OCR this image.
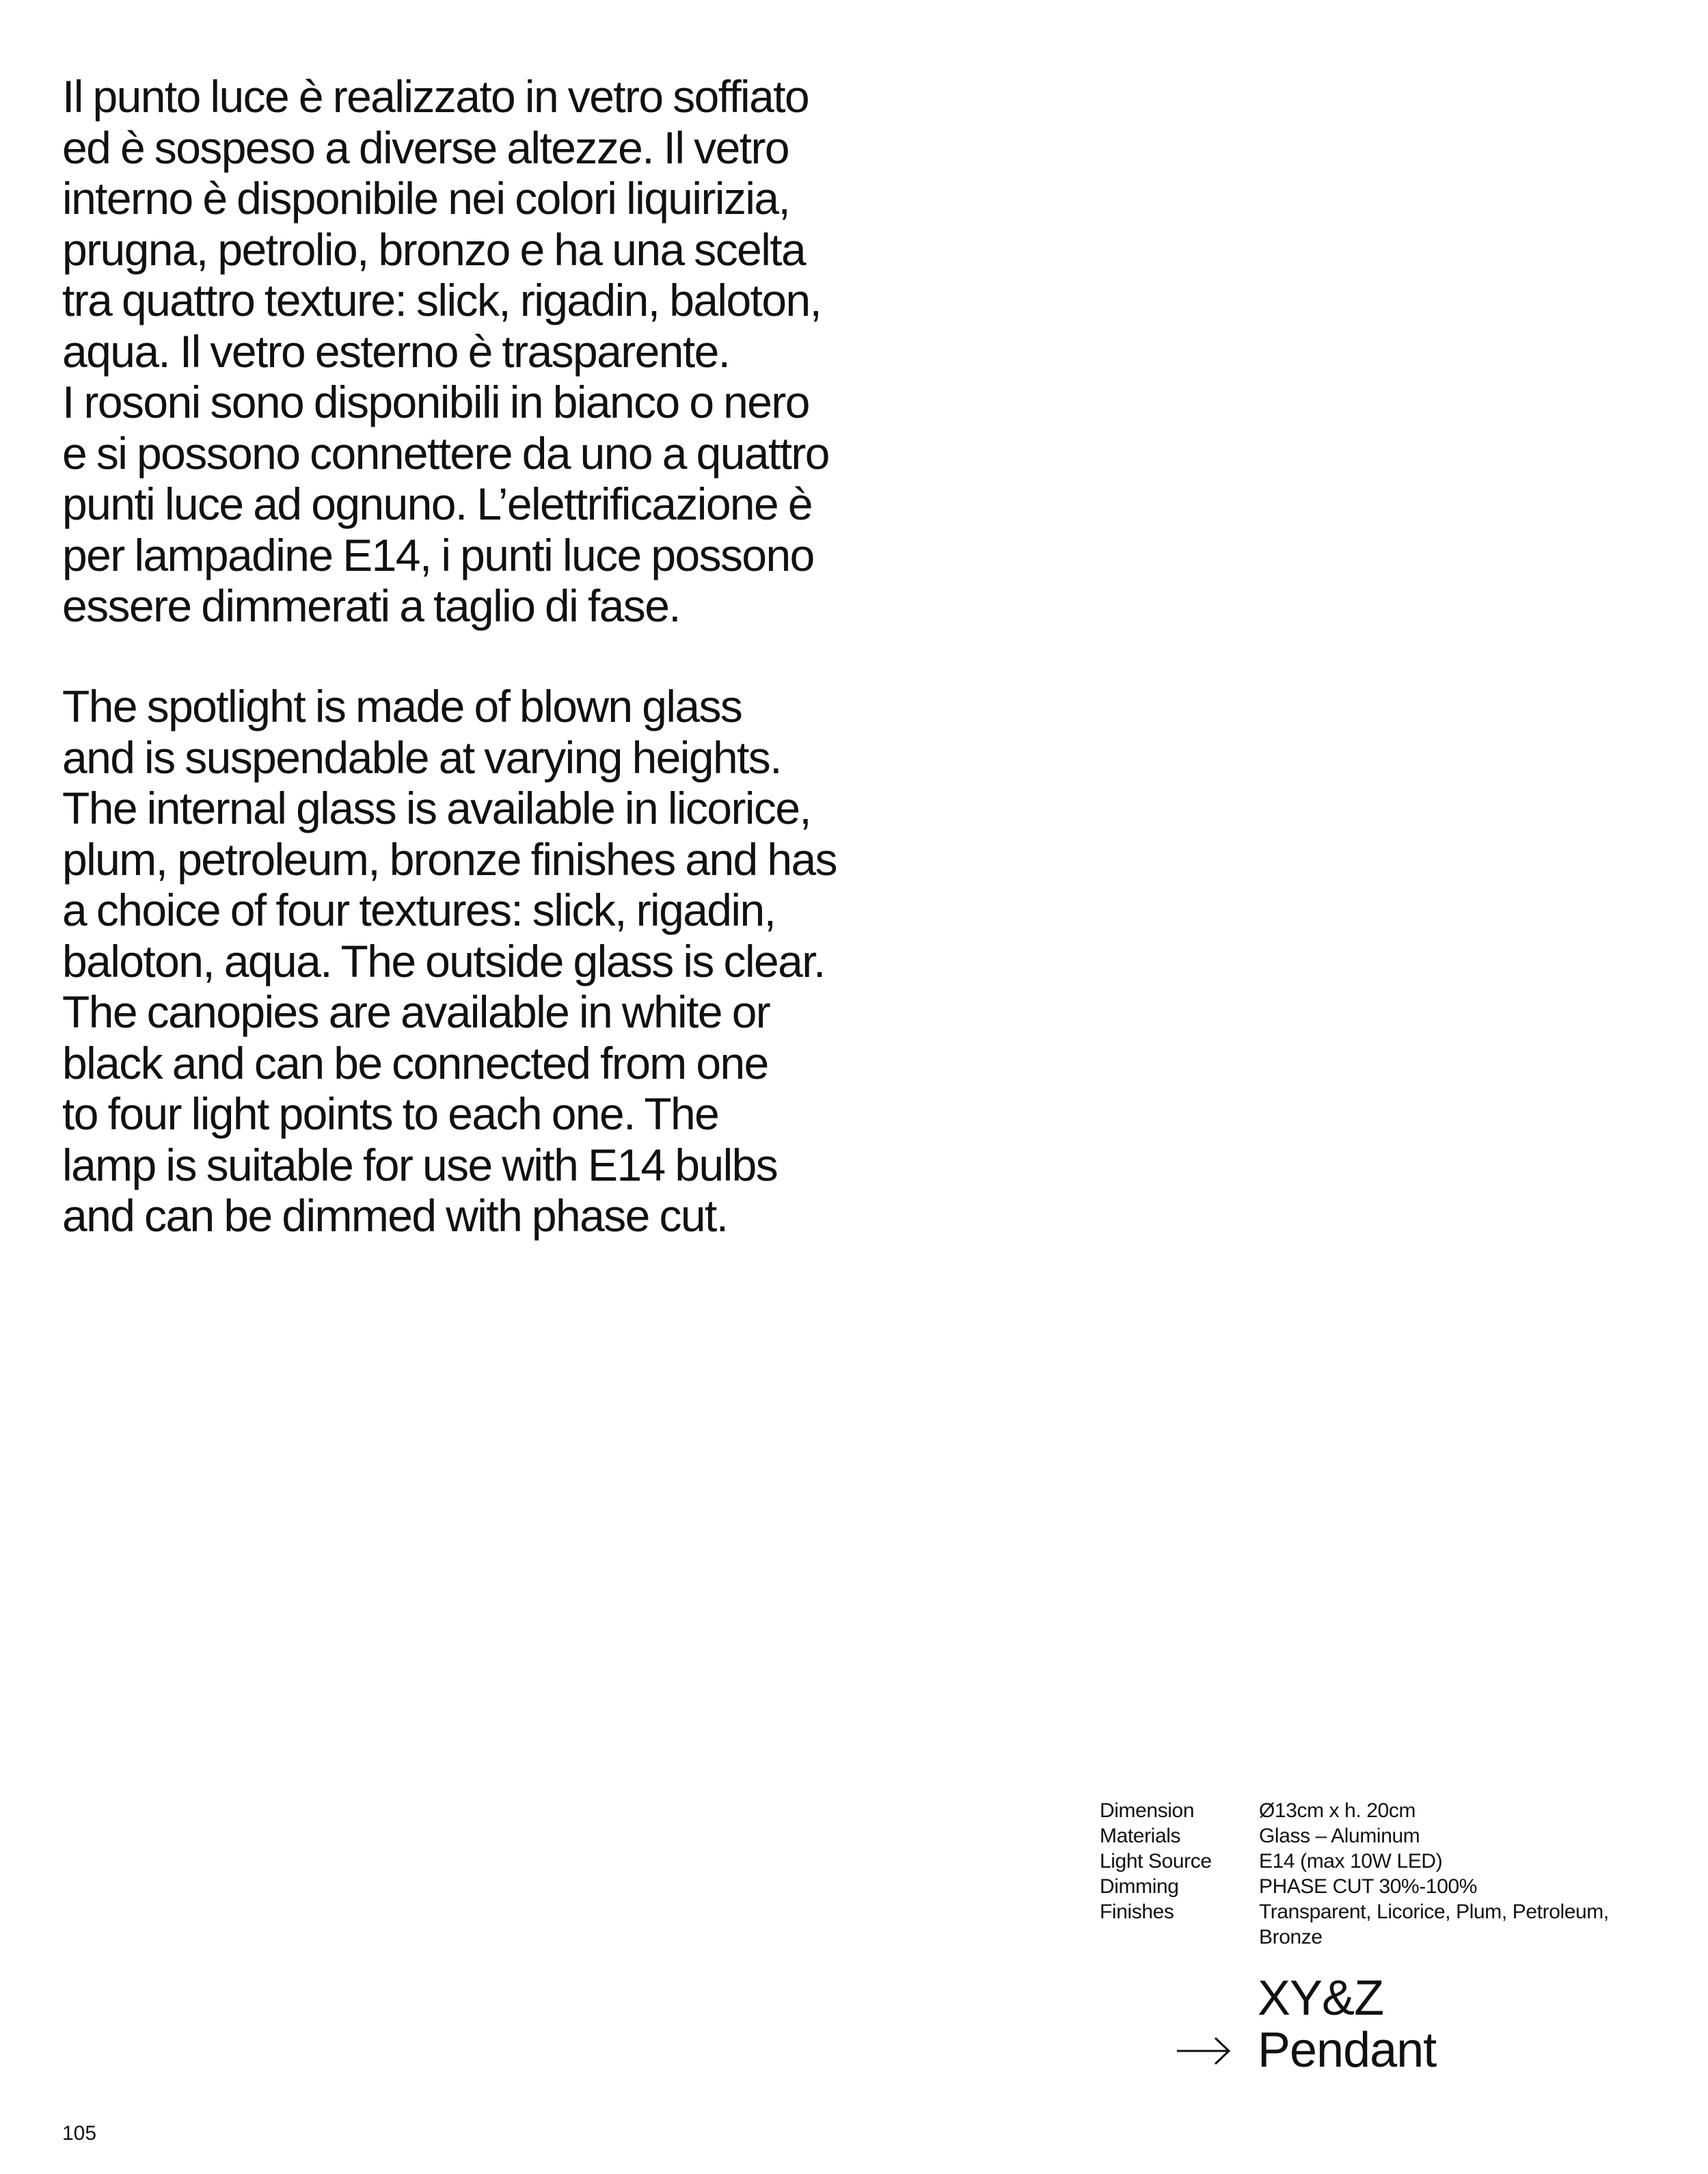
Il punto luce è realizzato in vetro soffiato
ed è sospeso a diverse altezze. Il vetro
interno è disponibile nei colori liquirizia,
prugna, petrolio, bronzo e ha una scelta
tra quattro texture: slick, rigadin, baloton,
aqua. Il vetro esterno è trasparente.
I rosoni sono disponibili in bianco o nero
e si possono connettere da uno a quattro
punti luce ad ognuno. L’elettrificazione è
per lampadine E14, i punti luce possono
essere dimmerati a taglio di fase.

The spotlight is made of blown glass
and is suspendable at varying heights.
The internal glass is available in licorice,
plum, petroleum, bronze finishes and has
a choice of four textures: slick, rigadin,
baloton, aqua. The outside glass is clear.
The canopies are available in white or
black and can be connected from one
to four light points to each one. The
lamp is suitable for use with E14 bulbs
and can be dimmed with phase cut.

Dimension	Ø13cm x h. 20cm
Materials	Glass – Aluminum
Light Source	E14 (max 10W LED)
Dimming	PHASE CUT 30%-100%
Finishes	Transparent, Licorice, Plum, Petroleum,
Bronze
XY&Z
Pendant
105
